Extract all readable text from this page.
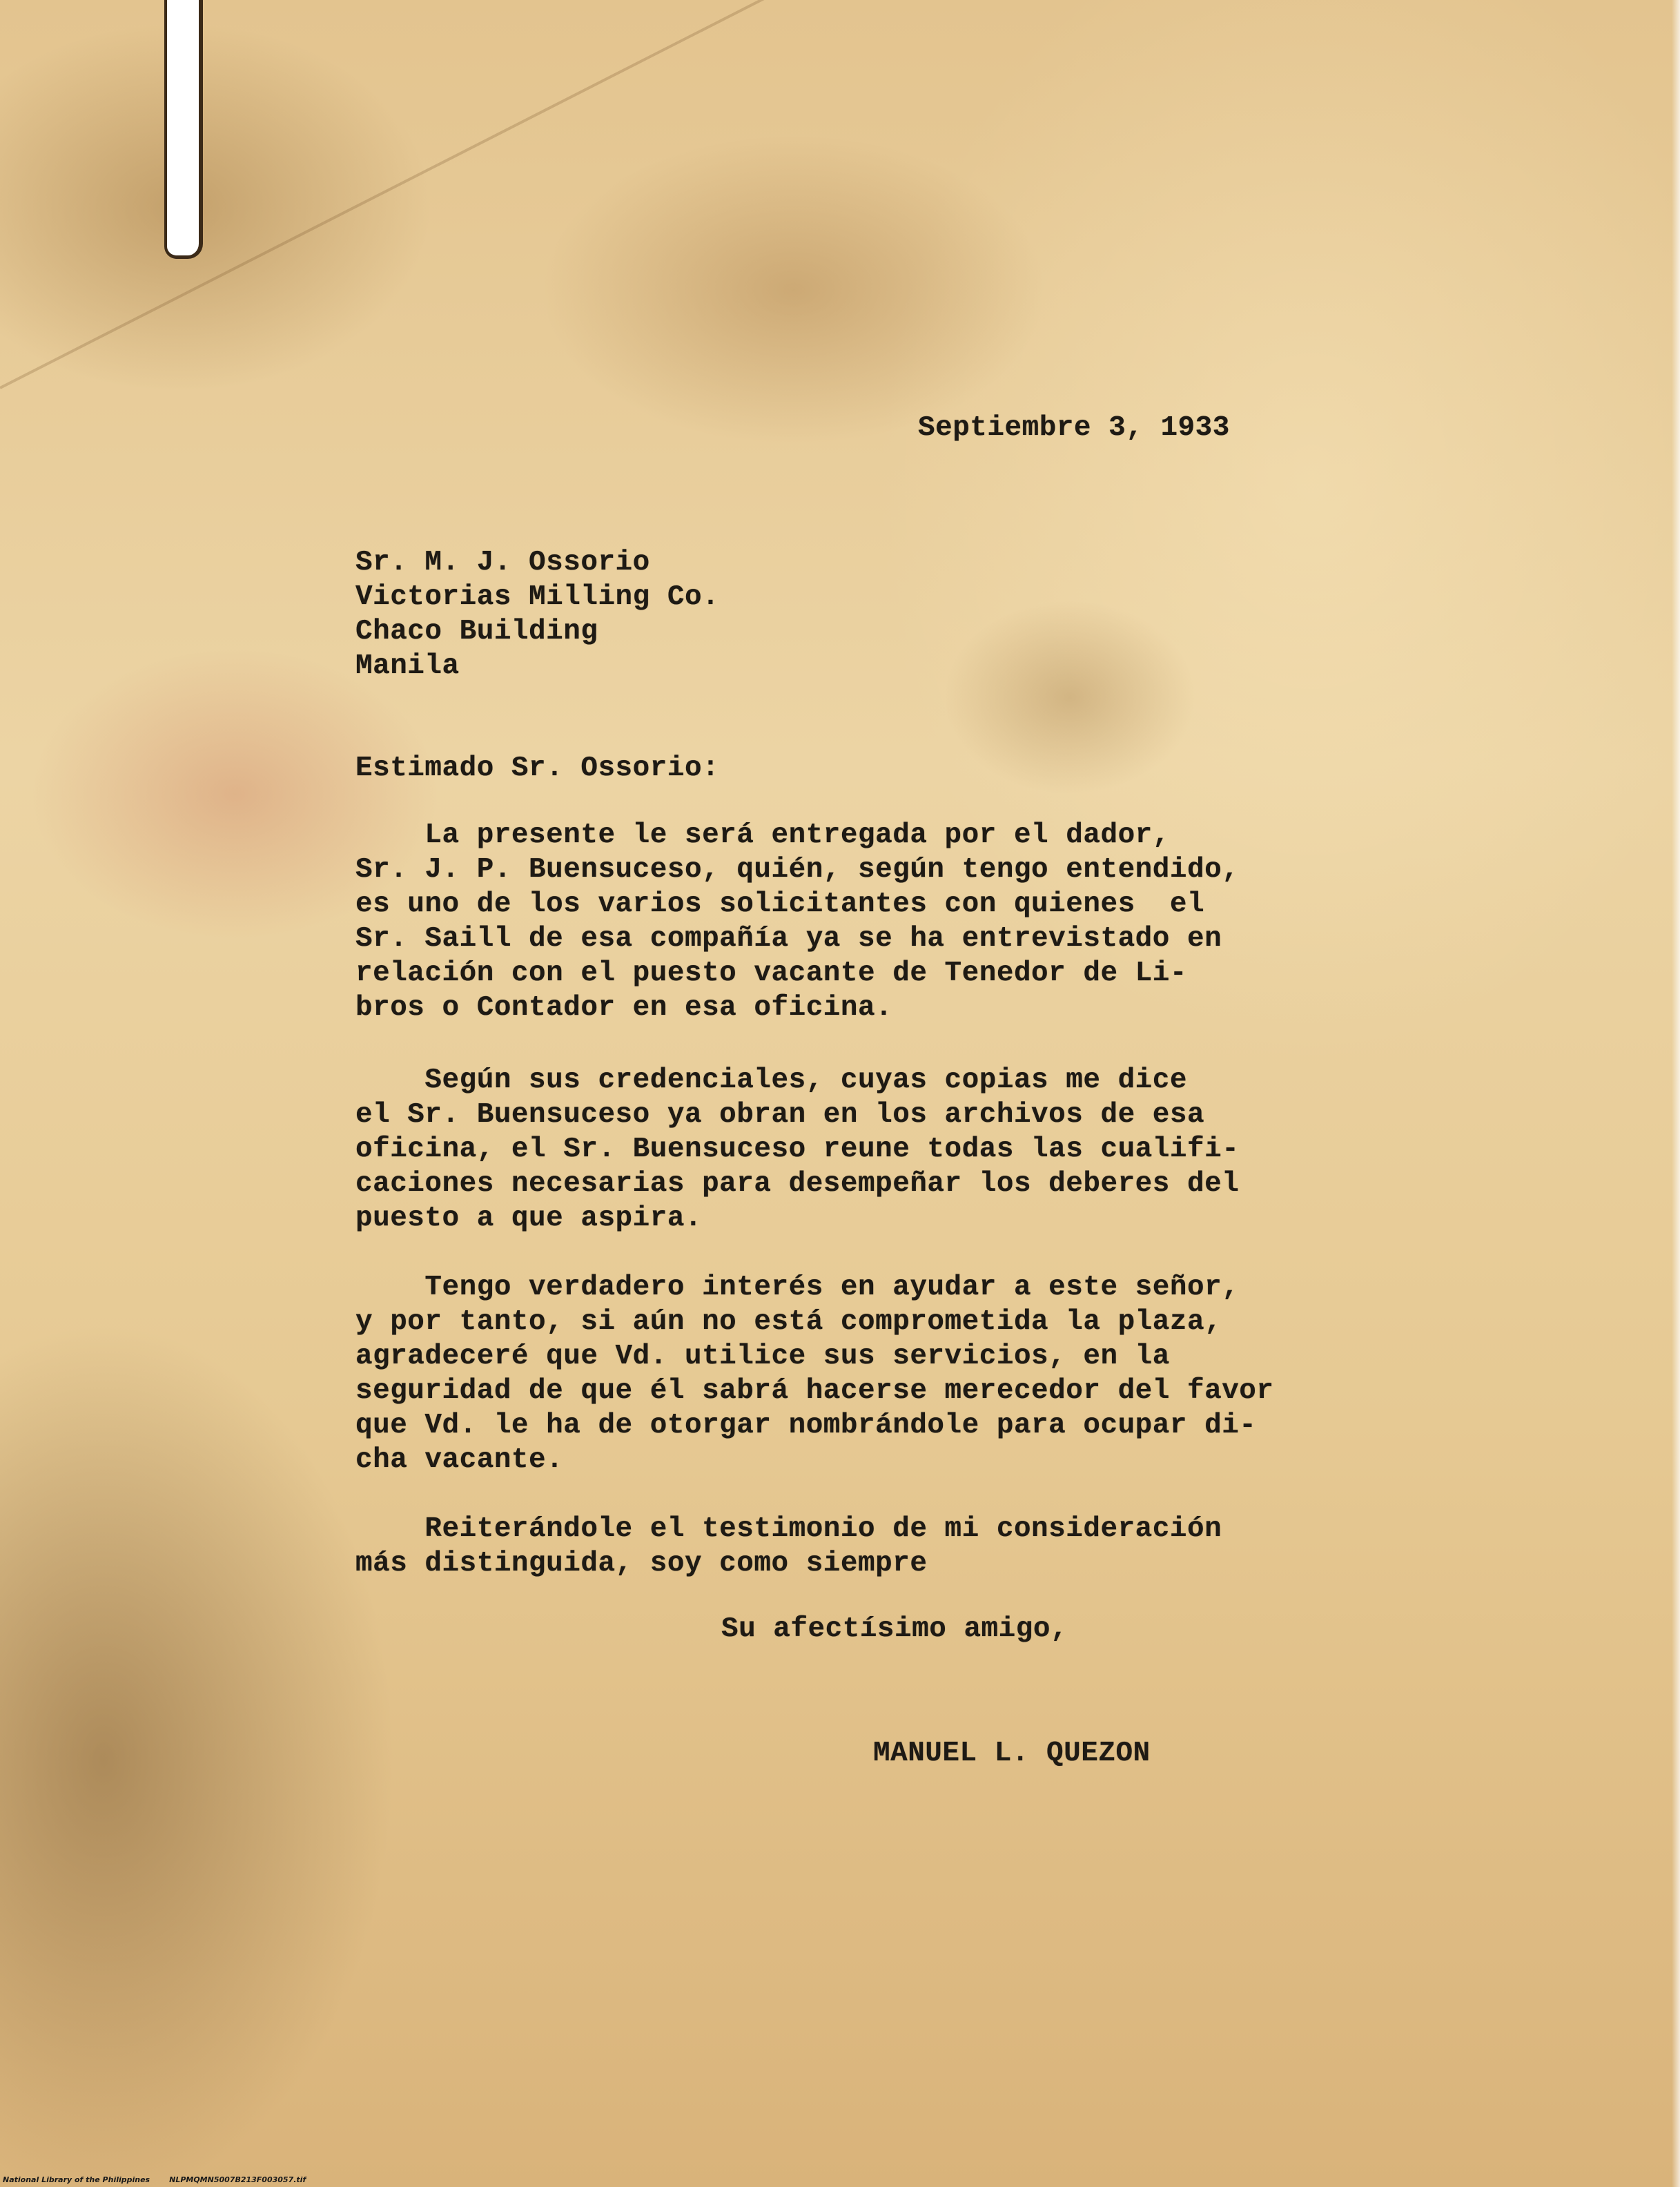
Septiembre 3, 1933
Sr. M. J. Ossorio
Victorias Milling Co.
Chaco Building
Manila
Estimado Sr. Ossorio:
La presente le será entregada por el dador,
Sr. J. P. Buensuceso, quién, según tengo entendido,
es uno de los varios solicitantes con quienes  el
Sr. Saill de esa compañía ya se ha entrevistado en
relación con el puesto vacante de Tenedor de Li-
bros o Contador en esa oficina.
Según sus credenciales, cuyas copias me dice
el Sr. Buensuceso ya obran en los archivos de esa
oficina, el Sr. Buensuceso reune todas las cualifi-
caciones necesarias para desempeñar los deberes del
puesto a que aspira.
Tengo verdadero interés en ayudar a este señor,
y por tanto, si aún no está comprometida la plaza,
agradeceré que Vd. utilice sus servicios, en la
seguridad de que él sabrá hacerse merecedor del favor
que Vd. le ha de otorgar nombrándole para ocupar di-
cha vacante.
Reiterándole el testimonio de mi consideración
más distinguida, soy como siempre
Su afectísimo amigo,
MANUEL L. QUEZON
National Library of the Philippines	NLPMQMN5007B213F003057.tif
